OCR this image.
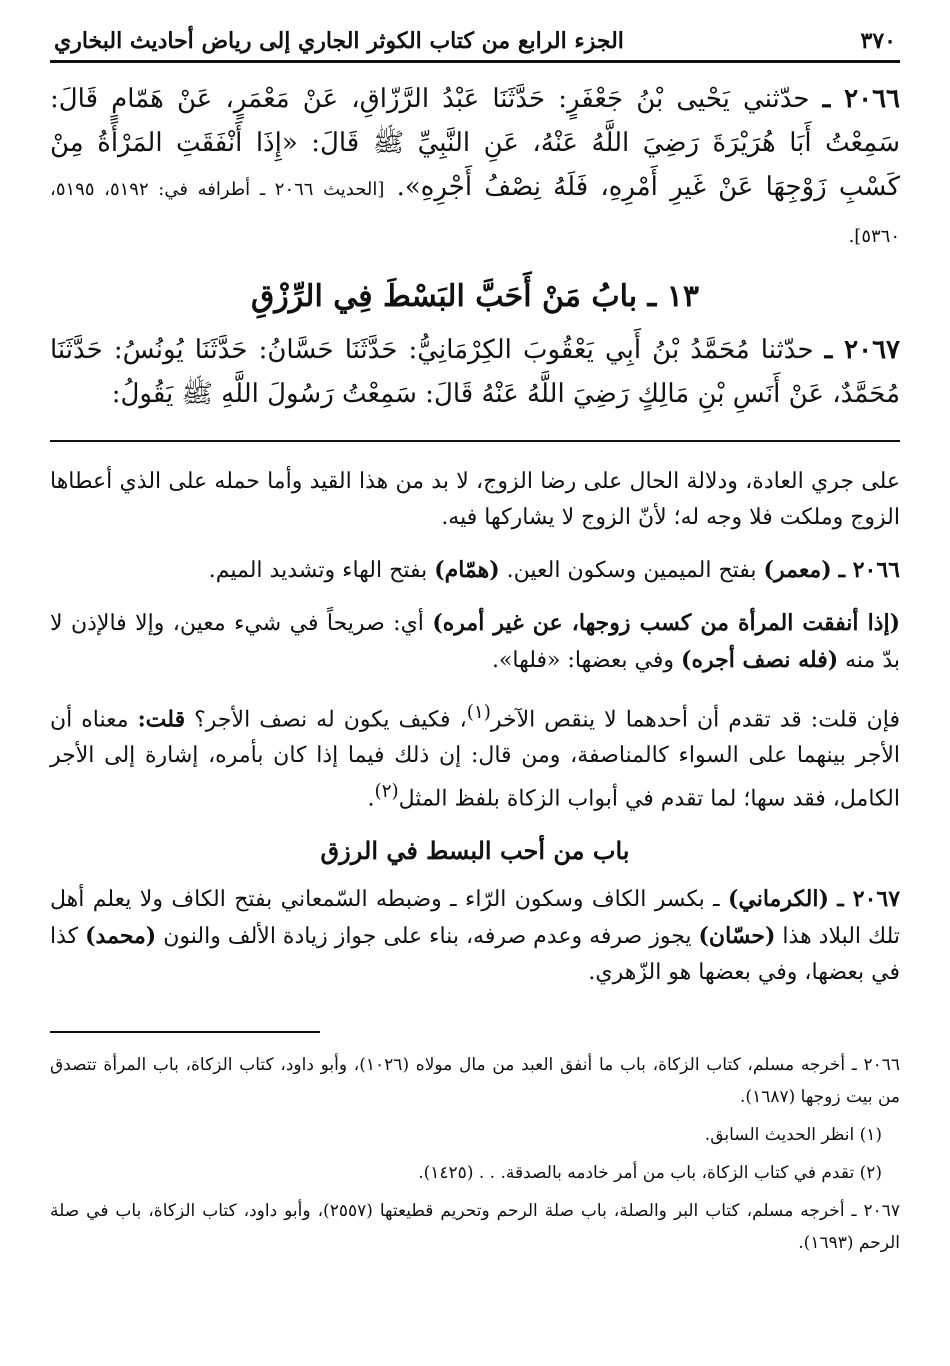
٣٧٠
الجزء الرابع من كتاب الكوثر الجاري إلى رياض أحاديث البخاري

٢٠٦٦ ـ حدّثني يَحْيى بْنُ جَعْفَرٍ: حَدَّثَنَا عَبْدُ الرَّزّاقِ، عَنْ مَعْمَرٍ، عَنْ هَمّامٍ قَالَ: سَمِعْتُ أَبَا هُرَيْرَةَ رَضِيَ اللَّهُ عَنْهُ، عَنِ النَّبِيِّ ﷺ قَالَ: «إِذَا أَنْفَقَتِ المَرْأَةُ مِنْ كَسْبِ زَوْجِهَا عَنْ غَيرِ أَمْرِهِ، فَلَهُ نِصْفُ أَجْرِهِ». [الحديث ٢٠٦٦ ـ أطرافه في: ٥١٩٢، ٥١٩٥، ٥٣٦٠].

١٣ ـ بابُ مَنْ أَحَبَّ البَسْطَ فِي الرِّزْقِ

٢٠٦٧ ـ حدّثنا مُحَمَّدُ بْنُ أَبِي يَعْقُوبَ الكِرْمَانِيُّ: حَدَّثَنَا حَسَّانُ: حَدَّثَنَا يُونُسُ: حَدَّثَنَا مُحَمَّدٌ، عَنْ أَنَسِ بْنِ مَالِكٍ رَضِيَ اللَّهُ عَنْهُ قَالَ: سَمِعْتُ رَسُولَ اللَّهِ ﷺ يَقُولُ:

على جري العادة، ودلالة الحال على رضا الزوج، لا بد من هذا القيد وأما حمله على الذي أعطاها الزوج وملكت فلا وجه له؛ لأنّ الزوج لا يشاركها فيه.

٢٠٦٦ ـ (معمر) بفتح الميمين وسكون العين. (همّام) بفتح الهاء وتشديد الميم.

(إذا أنفقت المرأة من كسب زوجها، عن غير أمره) أي: صريحاً في شيء معين، وإلا فالإذن لا بدّ منه (فله نصف أجره) وفي بعضها: «فلها».

فإن قلت: قد تقدم أن أحدهما لا ينقص الآخر$^{(١)}$، فكيف يكون له نصف الأجر؟ قلت: معناه أن الأجر بينهما على السواء كالمناصفة، ومن قال: إن ذلك فيما إذا كان بأمره، إشارة إلى الأجر الكامل، فقد سها؛ لما تقدم في أبواب الزكاة بلفظ المثل$^{(٢)}$.

باب من أحب البسط في الرزق

٢٠٦٧ ـ (الكرماني) ـ بكسر الكاف وسكون الرّاء ـ وضبطه السّمعاني بفتح الكاف ولا يعلم أهل تلك البلاد هذا (حسّان) يجوز صرفه وعدم صرفه، بناء على جواز زيادة الألف والنون (محمد) كذا في بعضها، وفي بعضها هو الزّهري.

٢٠٦٦ ـ أخرجه مسلم، كتاب الزكاة، باب ما أنفق العبد من مال مولاه (١٠٢٦)، وأبو داود، كتاب الزكاة، باب المرأة تتصدق من بيت زوجها (١٦٨٧).

(١) انظر الحديث السابق.

(٢) تقدم في كتاب الزكاة، باب من أمر خادمه بالصدقة. . . (١٤٢٥).

٢٠٦٧ ـ أخرجه مسلم، كتاب البر والصلة، باب صلة الرحم وتحريم قطيعتها (٢٥٥٧)، وأبو داود، كتاب الزكاة، باب في صلة الرحم (١٦٩٣).
